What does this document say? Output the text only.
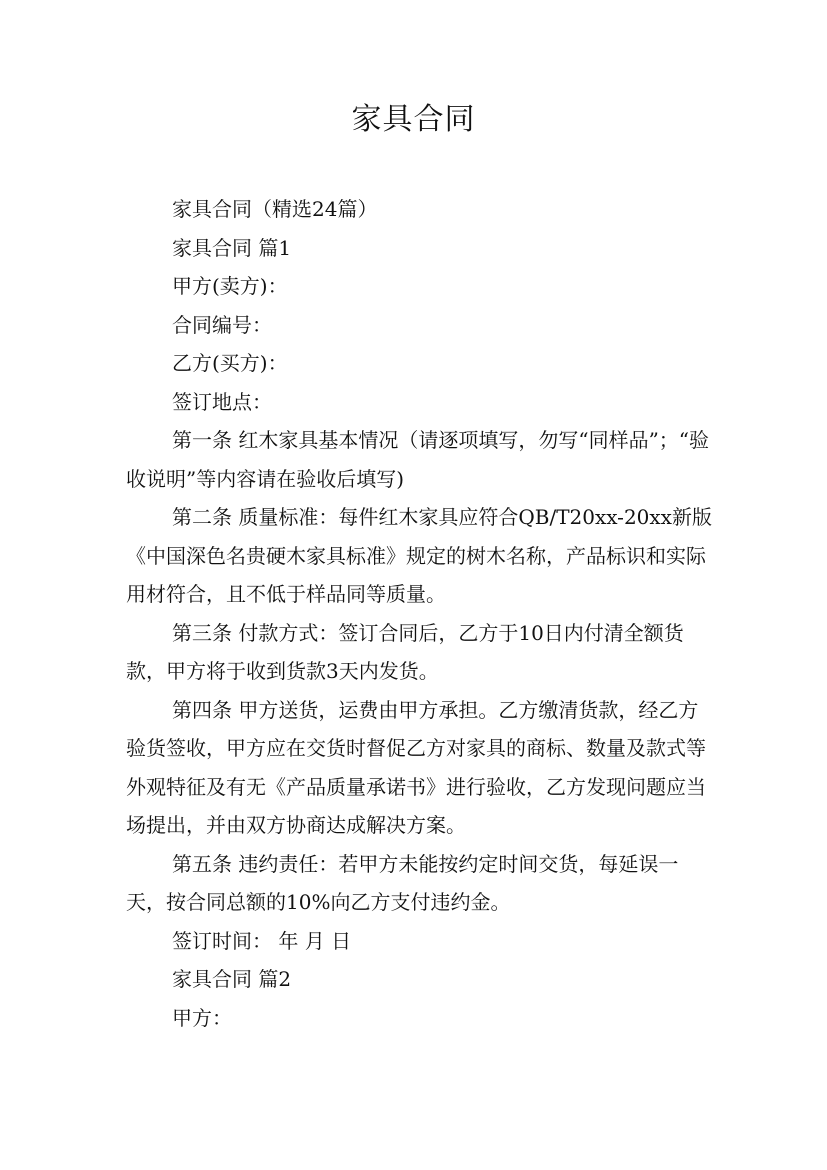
家具合同

家具合同（精选24篇）

家具合同 篇1

甲方(卖方)：

合同编号：

乙方(买方)：

签订地点：

第一条 红木家具基本情况（请逐项填写，勿写“同样品”；“验收说明”等内容请在验收后填写)

第二条 质量标准：每件红木家具应符合QB/T20xx-20xx新版《中国深色名贵硬木家具标准》规定的树木名称，产品标识和实际用材符合，且不低于样品同等质量。

第三条 付款方式：签订合同后，乙方于10日内付清全额货款，甲方将于收到货款3天内发货。

第四条 甲方送货，运费由甲方承担。乙方缴清货款，经乙方验货签收，甲方应在交货时督促乙方对家具的商标、数量及款式等外观特征及有无《产品质量承诺书》进行验收，乙方发现问题应当场提出，并由双方协商达成解决方案。

第五条 违约责任：若甲方未能按约定时间交货，每延误一天，按合同总额的10%向乙方支付违约金。

签订时间： 年 月 日

家具合同 篇2

甲方：
